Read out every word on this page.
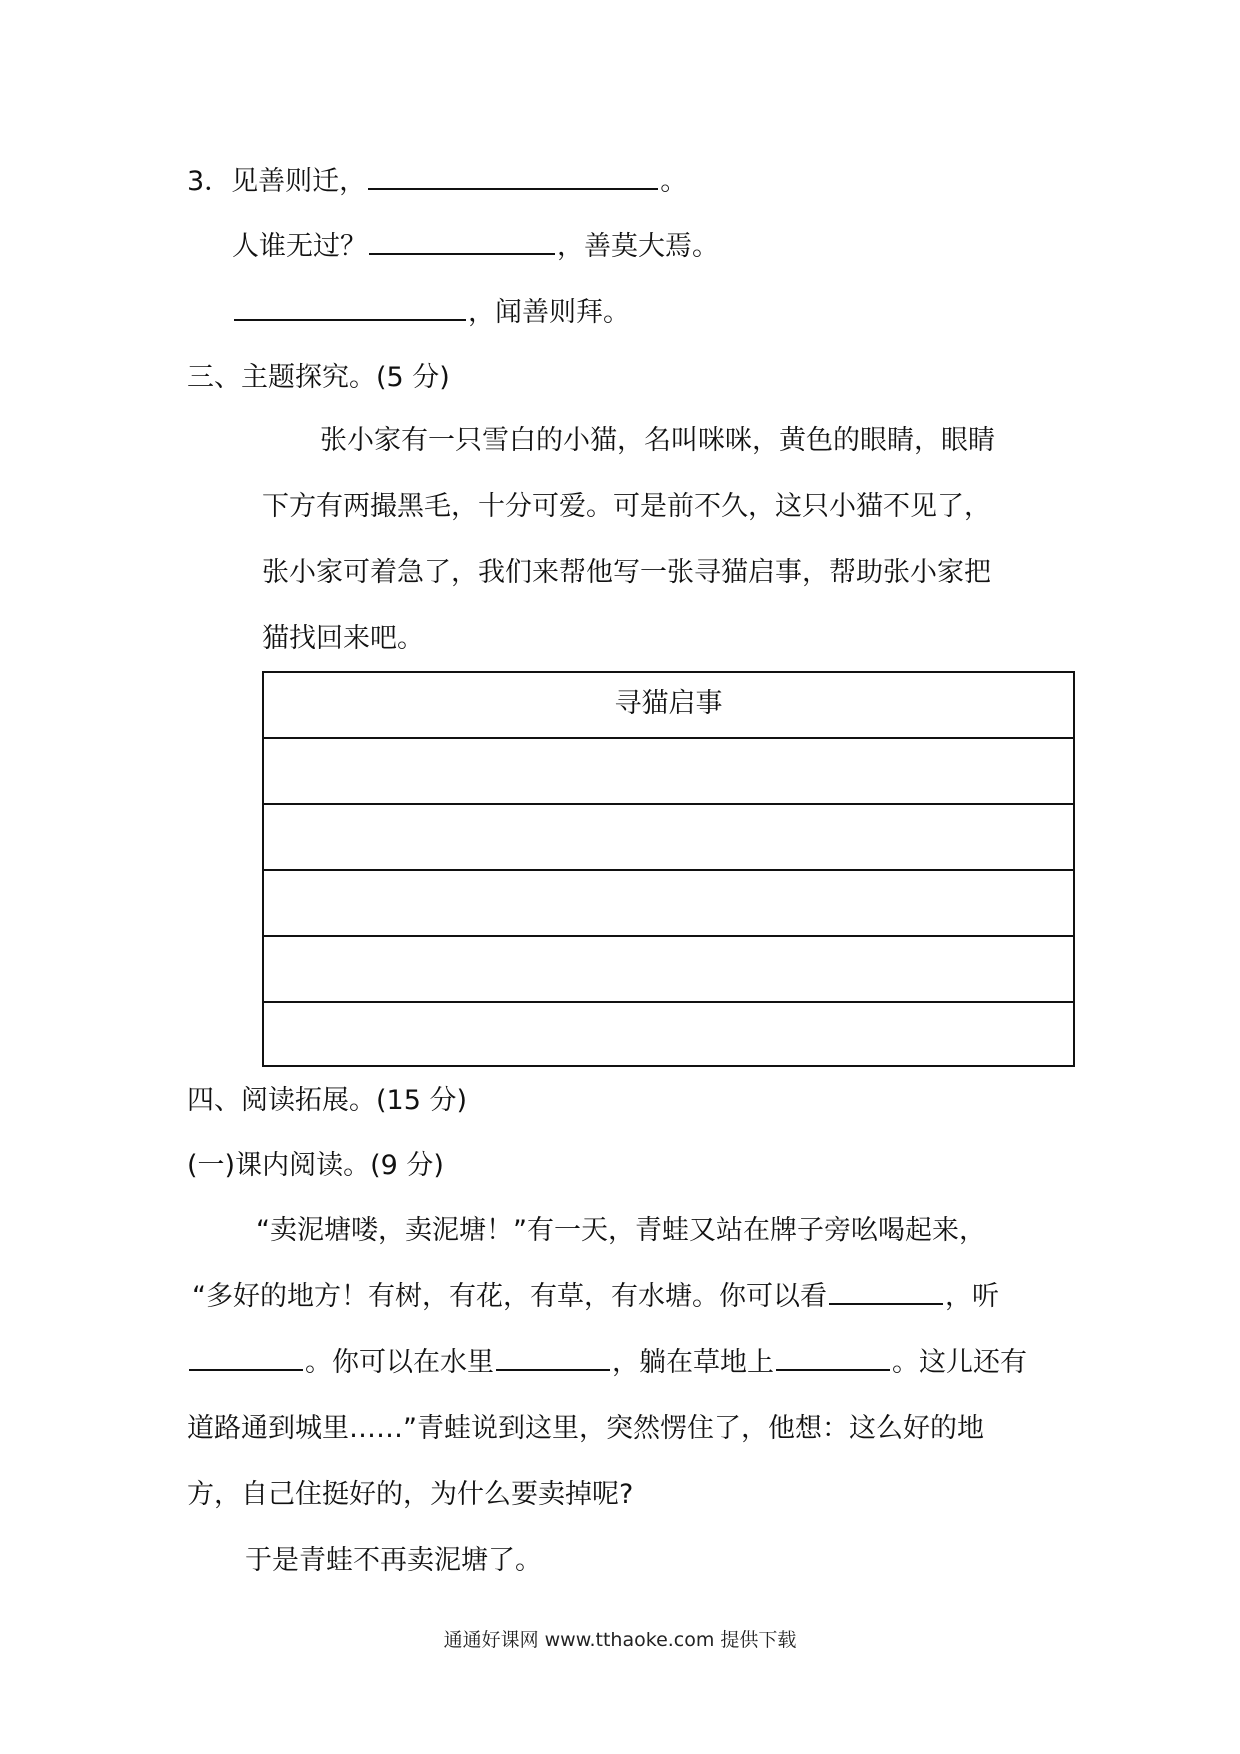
3．见善则迁，	。
人谁无过？	，善莫大焉。
，闻善则拜。
三、主题探究。(5 分)
张小家有一只雪白的小猫，名叫咪咪，黄色的眼睛，眼睛
下方有两撮黑毛，十分可爱。可是前不久，这只小猫不见了，
张小家可着急了，我们来帮他写一张寻猫启事，帮助张小家把
猫找回来吧。
寻猫启事
四、阅读拓展。(15 分)
(一)课内阅读。(9 分)
“卖泥塘喽，卖泥塘！”有一天，青蛙又站在牌子旁吆喝起来，
“多好的地方！有树，有花，有草，有水塘。你可以看	，听
。你可以在水里	，躺在草地上	。这儿还有
道路通到城里……”青蛙说到这里，突然愣住了，他想：这么好的地
方，自己住挺好的，为什么要卖掉呢?
于是青蛙不再卖泥塘了。
通通好课网 www.tthaoke.com 提供下载
